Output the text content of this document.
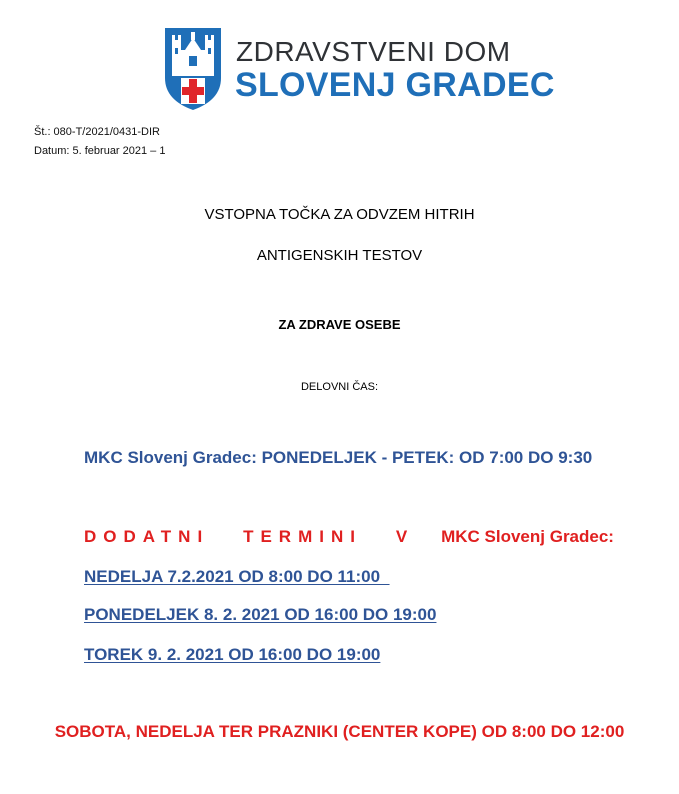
ZDRAVSTVENI DOM
SLOVENJ GRADEC
Št.: 080-T/2021/0431-DIR
Datum: 5. februar 2021 – 1
VSTOPNA TOČKA ZA ODVZEM HITRIH
ANTIGENSKIH TESTOV
ZA ZDRAVE OSEBE
DELOVNI ČAS:
MKC Slovenj Gradec: PONEDELJEK - PETEK: OD 7:00 DO 9:30
DODATNI TERMINI V MKC Slovenj Gradec:
NEDELJA 7.2.2021 OD 8:00 DO 11:00
PONEDELJEK 8. 2. 2021 OD 16:00 DO 19:00
TOREK 9. 2. 2021 OD 16:00 DO 19:00
SOBOTA, NEDELJA TER PRAZNIKI (CENTER KOPE) OD 8:00 DO 12:00
